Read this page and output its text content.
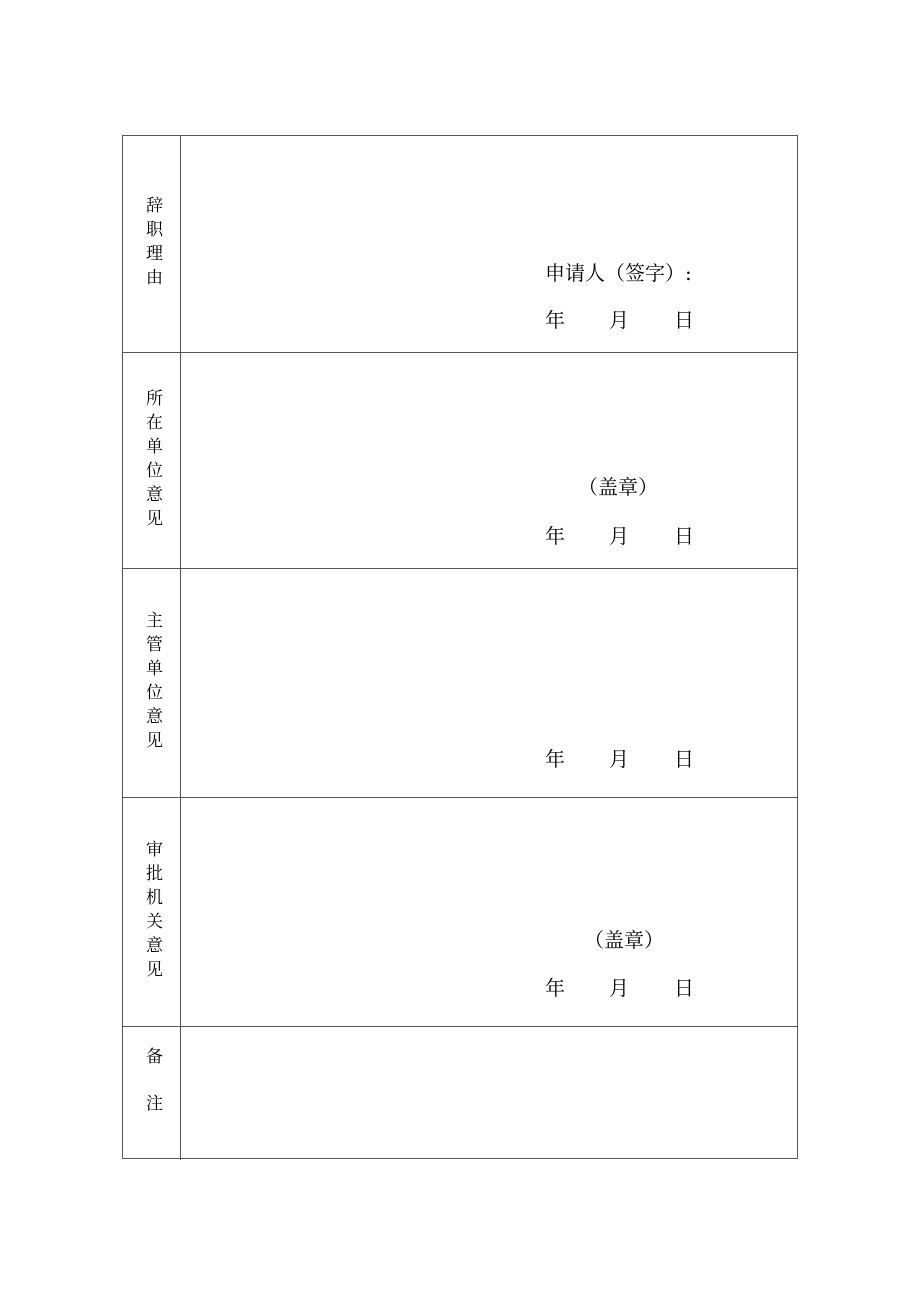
辞职理由	申请人（签字）:
年 月 日
所在单位意见	（盖章）
年 月 日
主管单位意见
年 月 日
审批机关意见	（盖章）
年 月 日
备注
